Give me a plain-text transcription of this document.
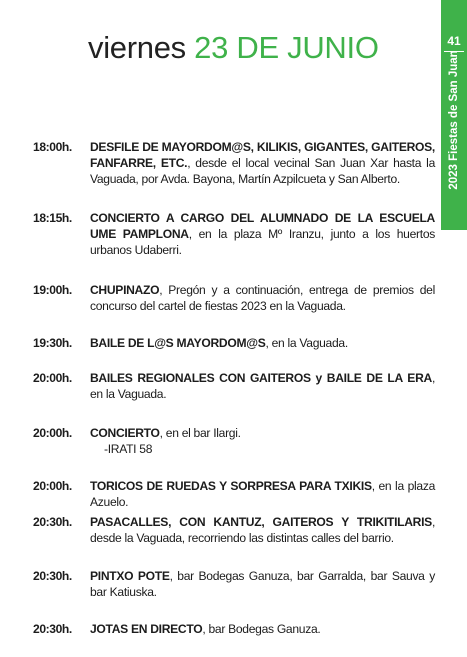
viernes 23 DE JUNIO	41
2023 Fiestas de San Juan
18:00h.	DESFILE DE MAYORDOM@S, KILIKIS, GIGANTES, GAITEROS, FANFARRE, ETC., desde el local vecinal San Juan Xar hasta la Vaguada, por Avda. Bayona, Martín Azpilcueta y San Alberto.
18:15h.	CONCIERTO A CARGO DEL ALUMNADO DE LA ESCUELA UME PAMPLONA, en la plaza Mº Iranzu, junto a los huertos urbanos Udaberri.
19:00h.	CHUPINAZO, Pregón y a continuación, entrega de premios del concurso del cartel de fiestas 2023 en la Vaguada.
19:30h.	BAILE DE L@S MAYORDOM@S, en la Vaguada.
20:00h.	BAILES REGIONALES CON GAITEROS y BAILE DE LA ERA, en la Vaguada.
20:00h.	CONCIERTO, en el bar Ilargi.
-IRATI 58
20:00h.	TORICOS DE RUEDAS Y SORPRESA PARA TXIKIS, en la plaza Azuelo.
20:30h.	PASACALLES, CON KANTUZ, GAITEROS Y TRIKITILARIS, desde la Vaguada, recorriendo las distintas calles del barrio.
20:30h.	PINTXO POTE, bar Bodegas Ganuza, bar Garralda, bar Sauva y bar Katiuska.
20:30h.	JOTAS EN DIRECTO, bar Bodegas Ganuza.
